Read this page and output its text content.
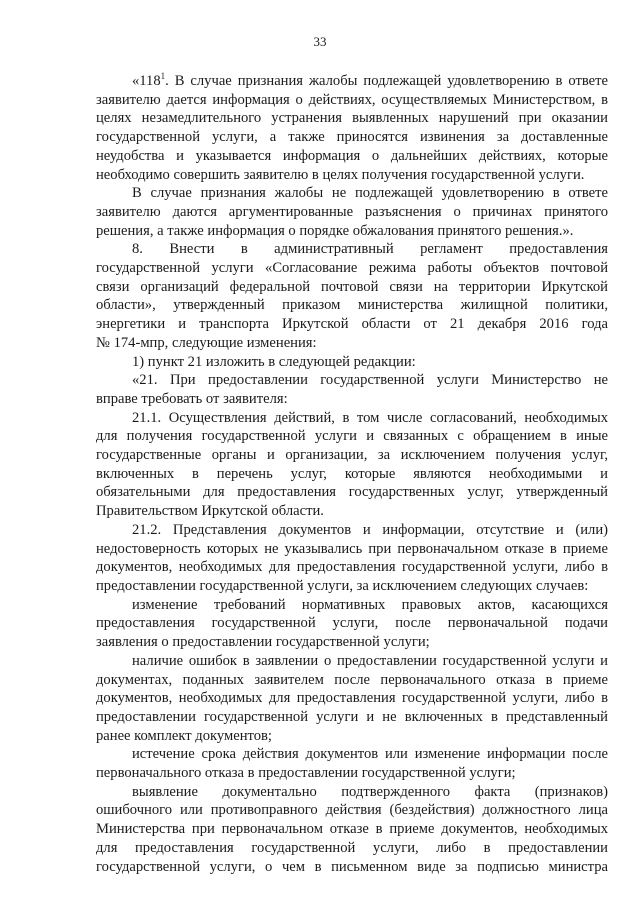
33
«$118^1$. В случае признания жалобы подлежащей удовлетворению в ответе
заявителю дается информация о действиях, осуществляемых Министерством, в
целях незамедлительного устранения выявленных нарушений при оказании
государственной услуги, а также приносятся извинения за доставленные
неудобства и указывается информация о дальнейших действиях, которые
необходимо совершить заявителю в целях получения государственной услуги.
В случае признания жалобы не подлежащей удовлетворению в ответе
заявителю даются аргументированные разъяснения о причинах принятого
решения, а также информация о порядке обжалования принятого решения.».
8. Внести в административный регламент предоставления
государственной услуги «Согласование режима работы объектов почтовой
связи организаций федеральной почтовой связи на территории Иркутской
области», утвержденный приказом министерства жилищной политики,
энергетики и транспорта Иркутской области от 21 декабря 2016 года
№ 174-мпр, следующие изменения:
1) пункт 21 изложить в следующей редакции:
«21. При предоставлении государственной услуги Министерство не
вправе требовать от заявителя:
21.1. Осуществления действий, в том числе согласований, необходимых
для получения государственной услуги и связанных с обращением в иные
государственные органы и организации, за исключением получения услуг,
включенных в перечень услуг, которые являются необходимыми и
обязательными для предоставления государственных услуг, утвержденный
Правительством Иркутской области.
21.2. Представления документов и информации, отсутствие и (или)
недостоверность которых не указывались при первоначальном отказе в приеме
документов, необходимых для предоставления государственной услуги, либо в
предоставлении государственной услуги, за исключением следующих случаев:
изменение требований нормативных правовых актов, касающихся
предоставления государственной услуги, после первоначальной подачи
заявления о предоставлении государственной услуги;
наличие ошибок в заявлении о предоставлении государственной услуги и
документах, поданных заявителем после первоначального отказа в приеме
документов, необходимых для предоставления государственной услуги, либо в
предоставлении государственной услуги и не включенных в представленный
ранее комплект документов;
истечение срока действия документов или изменение информации после
первоначального отказа в предоставлении государственной услуги;
выявление документально подтвержденного факта (признаков)
ошибочного или противоправного действия (бездействия) должностного лица
Министерства при первоначальном отказе в приеме документов, необходимых
для предоставления государственной услуги, либо в предоставлении
государственной услуги, о чем в письменном виде за подписью министра
